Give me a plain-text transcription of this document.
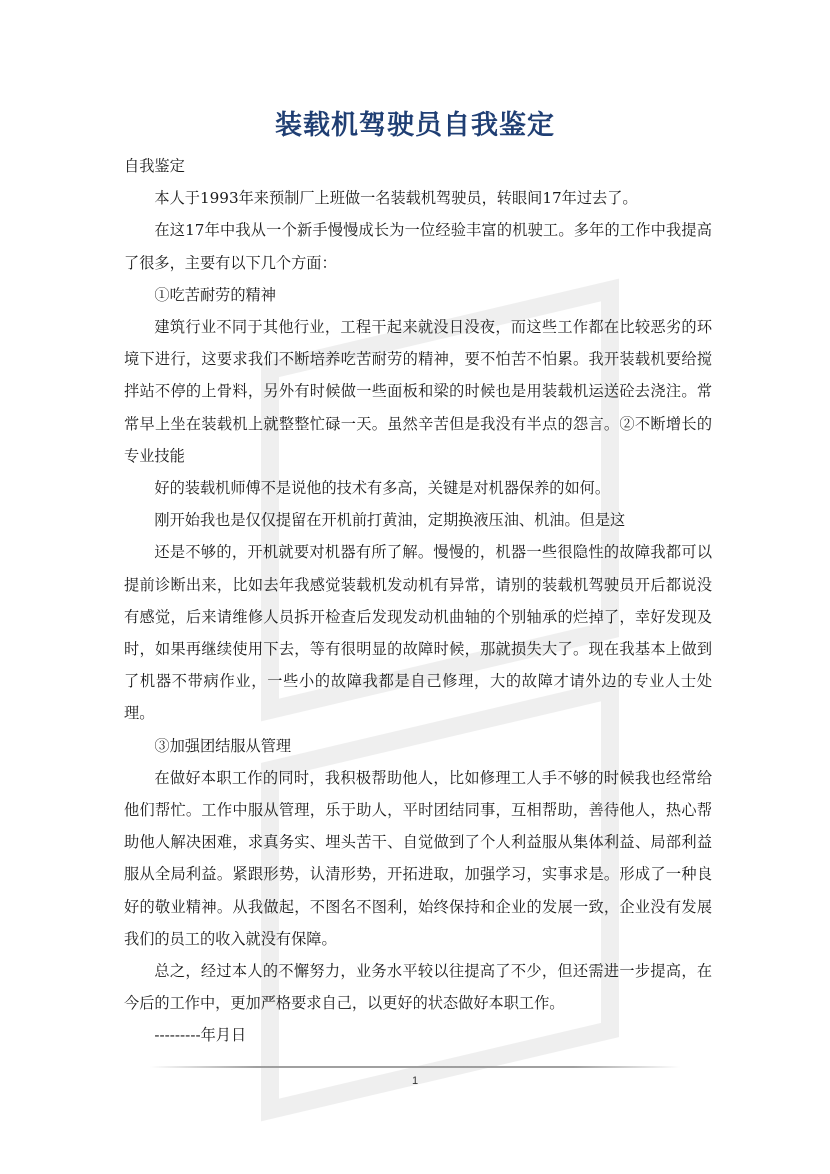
装载机驾驶员自我鉴定

自我鉴定

本人于1993年来预制厂上班做一名装载机驾驶员，转眼间17年过去了。

在这17年中我从一个新手慢慢成长为一位经验丰富的机驶工。多年的工作中我提高了很多，主要有以下几个方面：

①吃苦耐劳的精神

建筑行业不同于其他行业，工程干起来就没日没夜，而这些工作都在比较恶劣的环境下进行，这要求我们不断培养吃苦耐劳的精神，要不怕苦不怕累。我开装载机要给搅拌站不停的上骨料，另外有时候做一些面板和梁的时候也是用装载机运送砼去浇注。常常早上坐在装载机上就整整忙碌一天。虽然辛苦但是我没有半点的怨言。②不断增长的专业技能

好的装载机师傅不是说他的技术有多高，关键是对机器保养的如何。

刚开始我也是仅仅提留在开机前打黄油，定期换液压油、机油。但是这

还是不够的，开机就要对机器有所了解。慢慢的，机器一些很隐性的故障我都可以提前诊断出来，比如去年我感觉装载机发动机有异常，请别的装载机驾驶员开后都说没有感觉，后来请维修人员拆开检查后发现发动机曲轴的个别轴承的烂掉了，幸好发现及时，如果再继续使用下去，等有很明显的故障时候，那就损失大了。现在我基本上做到了机器不带病作业，一些小的故障我都是自己修理，大的故障才请外边的专业人士处理。

③加强团结服从管理

在做好本职工作的同时，我积极帮助他人，比如修理工人手不够的时候我也经常给他们帮忙。工作中服从管理，乐于助人，平时团结同事，互相帮助，善待他人，热心帮助他人解决困难，求真务实、埋头苦干、自觉做到了个人利益服从集体利益、局部利益服从全局利益。紧跟形势，认清形势，开拓进取，加强学习，实事求是。形成了一种良好的敬业精神。从我做起，不图名不图利，始终保持和企业的发展一致，企业没有发展我们的员工的收入就没有保障。

总之，经过本人的不懈努力，业务水平较以往提高了不少，但还需进一步提高，在今后的工作中，更加严格要求自己，以更好的状态做好本职工作。

---------年月日

1
